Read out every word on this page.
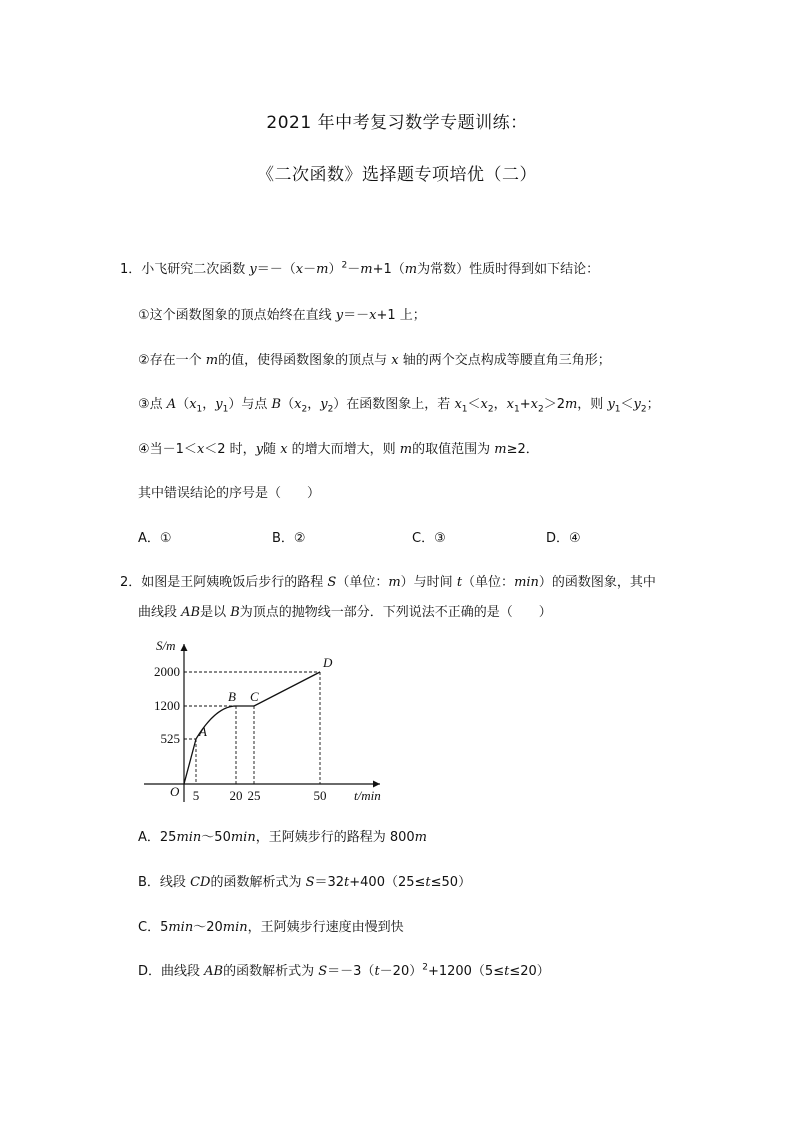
2021 年中考复习数学专题训练：
《二次函数》选择题专项培优（二）
1．小飞研究二次函数 $y=-(x-m)^2-m+1(m$为常数）性质时得到如下结论：
①这个函数图象的顶点始终在直线 y＝－x+1 上；
②存在一个 m的值，使得函数图象的顶点与 x 轴的两个交点构成等腰直角三角形；
③点 $A(x_1$，$y_1$）与点 $B(x_2$，$y_2$）在函数图象上，若 $x_1<x_2$，$x_1+x_2>2m$，则 $y_1<y_2$；
④当－1＜x＜2 时，y随 x 的增大而增大，则 m的取值范围为 m≥2．
其中错误结论的序号是（　　）
A．①	B．②	C．③	D．④
2．如图是王阿姨晚饭后步行的路程 S（单位：m）与时间 t（单位：min）的函数图象，其中
曲线段 AB是以 B为顶点的抛物线一部分．下列说法不正确的是（　　）
5 20 25	50
525
1200
2000
A
B C
D
S/m
t/min
O
A．25min～50min，王阿姨步行的路程为 800m
B．线段 CD的函数解析式为 S＝32t+400（25≤t≤50）
C．5min～20min，王阿姨步行速度由慢到快
D．曲线段 AB的函数解析式为 $S=-3(t-20)^2+1200(5\le t\le 20)$
